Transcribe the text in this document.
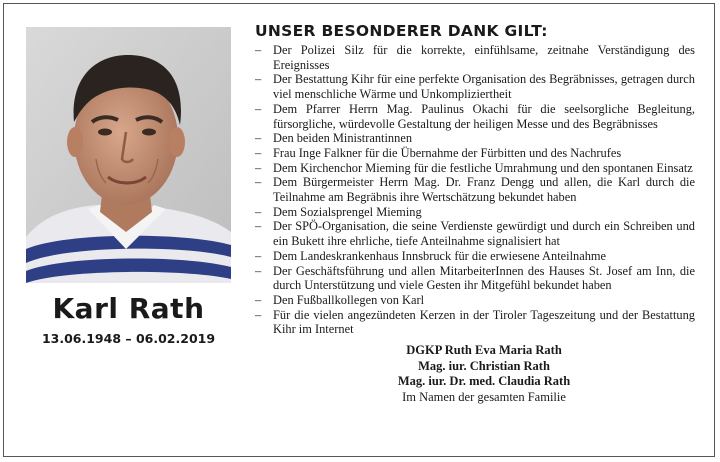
Karl Rath
13.06.1948 – 06.02.2019
UNSER BESONDERER DANK GILT:
– Der Polizei Silz für die korrekte, einfühlsame, zeitnahe Verständigung des Ereignisses
– Der Bestattung Kihr für eine perfekte Organisation des Begräbnisses, getragen durch viel menschliche Wärme und Unkompliziertheit
– Dem Pfarrer Herrn Mag. Paulinus Okachi für die seelsorgliche Begleitung, fürsorgliche, würdevolle Gestaltung der heiligen Messe und des Begräbnisses
– Den beiden Ministrantinnen
– Frau Inge Falkner für die Übernahme der Fürbitten und des Nachrufes
– Dem Kirchenchor Mieming für die festliche Umrahmung und den spontanen Einsatz
– Dem Bürgermeister Herrn Mag. Dr. Franz Dengg und allen, die Karl durch die Teilnahme am Begräbnis ihre Wertschätzung bekundet haben
– Dem Sozialsprengel Mieming
– Der SPÖ-Organisation, die seine Verdienste gewürdigt und durch ein Schreiben und ein Bukett ihre ehrliche, tiefe Anteilnahme signalisiert hat
– Dem Landeskrankenhaus Innsbruck für die erwiesene Anteilnahme
– Der Geschäftsführung und allen MitarbeiterInnen des Hauses St. Josef am Inn, die durch Unterstützung und viele Gesten ihr Mitgefühl bekundet haben
– Den Fußballkollegen von Karl
– Für die vielen angezündeten Kerzen in der Tiroler Tageszeitung und der Bestattung Kihr im Internet
DGKP Ruth Eva Maria Rath
Mag. iur. Christian Rath
Mag. iur. Dr. med. Claudia Rath
Im Namen der gesamten Familie
